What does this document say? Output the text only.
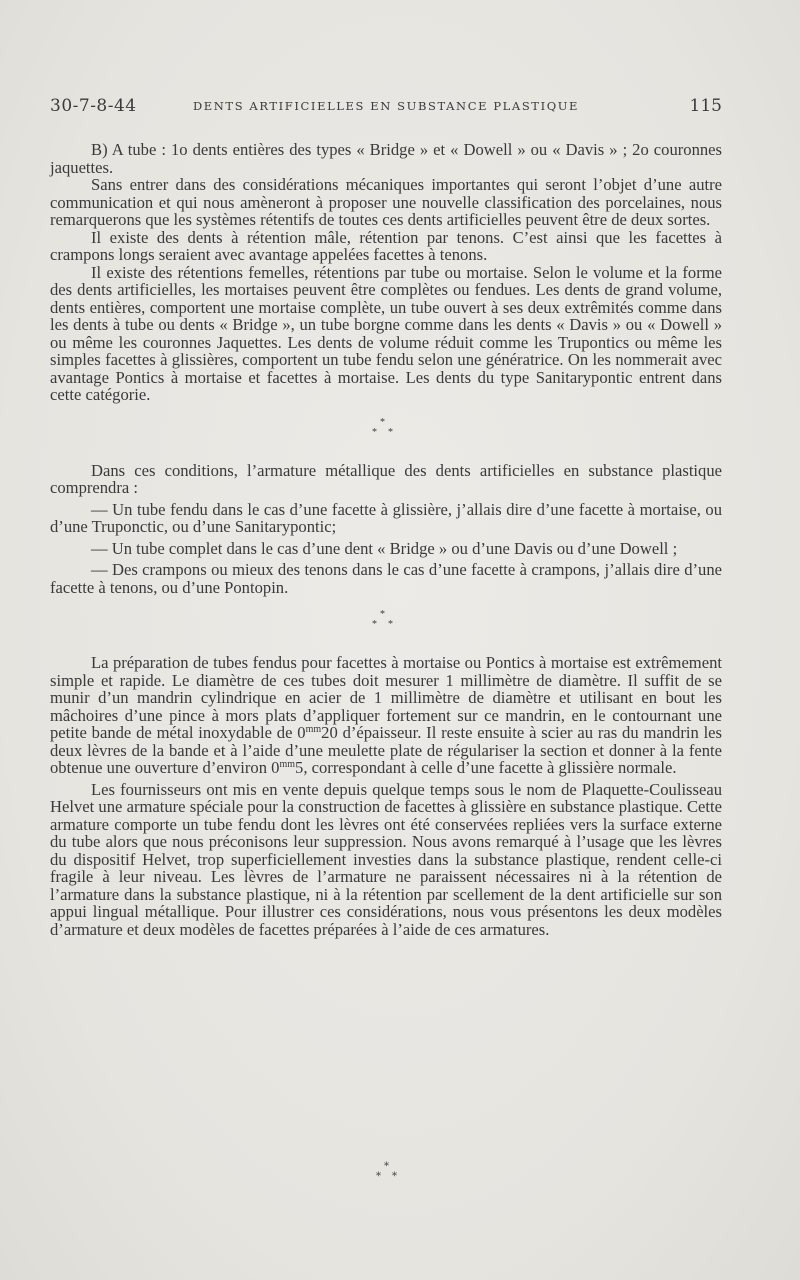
30-7-8-44	DENTS ARTIFICIELLES EN SUBSTANCE PLASTIQUE	115

B) A tube : 1o dents entières des types « Bridge » et « Dowell » ou « Davis » ; 2o couronnes jaquettes.

Sans entrer dans des considérations mécaniques importantes qui seront l’objet d’une autre communication et qui nous amèneront à proposer une nouvelle classification des porcelaines, nous remarquerons que les systèmes rétentifs de toutes ces dents artificielles peuvent être de deux sortes.

Il existe des dents à rétention mâle, rétention par tenons. C’est ainsi que les facettes à crampons longs seraient avec avantage appelées facettes à tenons.

Il existe des rétentions femelles, rétentions par tube ou mortaise. Selon le volume et la forme des dents artificielles, les mortaises peuvent être complètes ou fendues. Les dents de grand volume, dents entières, comportent une mortaise complète, un tube ouvert à ses deux extrêmités comme dans les dents à tube ou dents « Bridge », un tube borgne comme dans les dents « Davis » ou « Dowell » ou même les couronnes Jaquettes. Les dents de volume réduit comme les Trupontics ou même les simples facettes à glissières, comportent un tube fendu selon une génératrice. On les nommerait avec avantage Pontics à mortaise et facettes à mortaise. Les dents du type Sanitarypontic entrent dans cette catégorie.

*
* *

Dans ces conditions, l’armature métallique des dents artificielles en substance plastique comprendra :

— Un tube fendu dans le cas d’une facette à glissière, j’allais dire d’une facette à mortaise, ou d’une Truponctic, ou d’une Sanitarypontic;

— Un tube complet dans le cas d’une dent « Bridge » ou d’une Davis ou d’une Dowell ;

— Des crampons ou mieux des tenons dans le cas d’une facette à crampons, j’allais dire d’une facette à tenons, ou d’une Pontopin.

*
* *

La préparation de tubes fendus pour facettes à mortaise ou Pontics à mortaise est extrêmement simple et rapide. Le diamètre de ces tubes doit mesurer 1 millimètre de diamètre. Il suffit de se munir d’un mandrin cylindrique en acier de 1 millimètre de diamètre et utilisant en bout les mâchoires d’une pince à mors plats d’appliquer fortement sur ce mandrin, en le contournant une petite bande de métal inoxydable de $0^{mm}20$ d’épaisseur. Il reste ensuite à scier au ras du mandrin les deux lèvres de la bande et à l’aide d’une meulette plate de régulariser la section et donner à la fente obtenue une ouverture d’environ $0^{mm}5$, correspondant à celle d’une facette à glissière normale.

Les fournisseurs ont mis en vente depuis quelque temps sous le nom de Plaquette-Coulisseau Helvet une armature spéciale pour la construction de facettes à glissière en substance plastique. Cette armature comporte un tube fendu dont les lèvres ont été conservées repliées vers la surface externe du tube alors que nous préconisons leur suppression. Nous avons remarqué à l’usage que les lèvres du dispositif Helvet, trop superficiellement investies dans la substance plastique, rendent celle-ci fragile à leur niveau. Les lèvres de l’armature ne paraissent nécessaires ni à la rétention de l’armature dans la substance plastique, ni à la rétention par scellement de la dent artificielle sur son appui lingual métallique. Pour illustrer ces considérations, nous vous présentons les deux modèles d’armature et deux modèles de facettes préparées à l’aide de ces armatures.

*
* *
